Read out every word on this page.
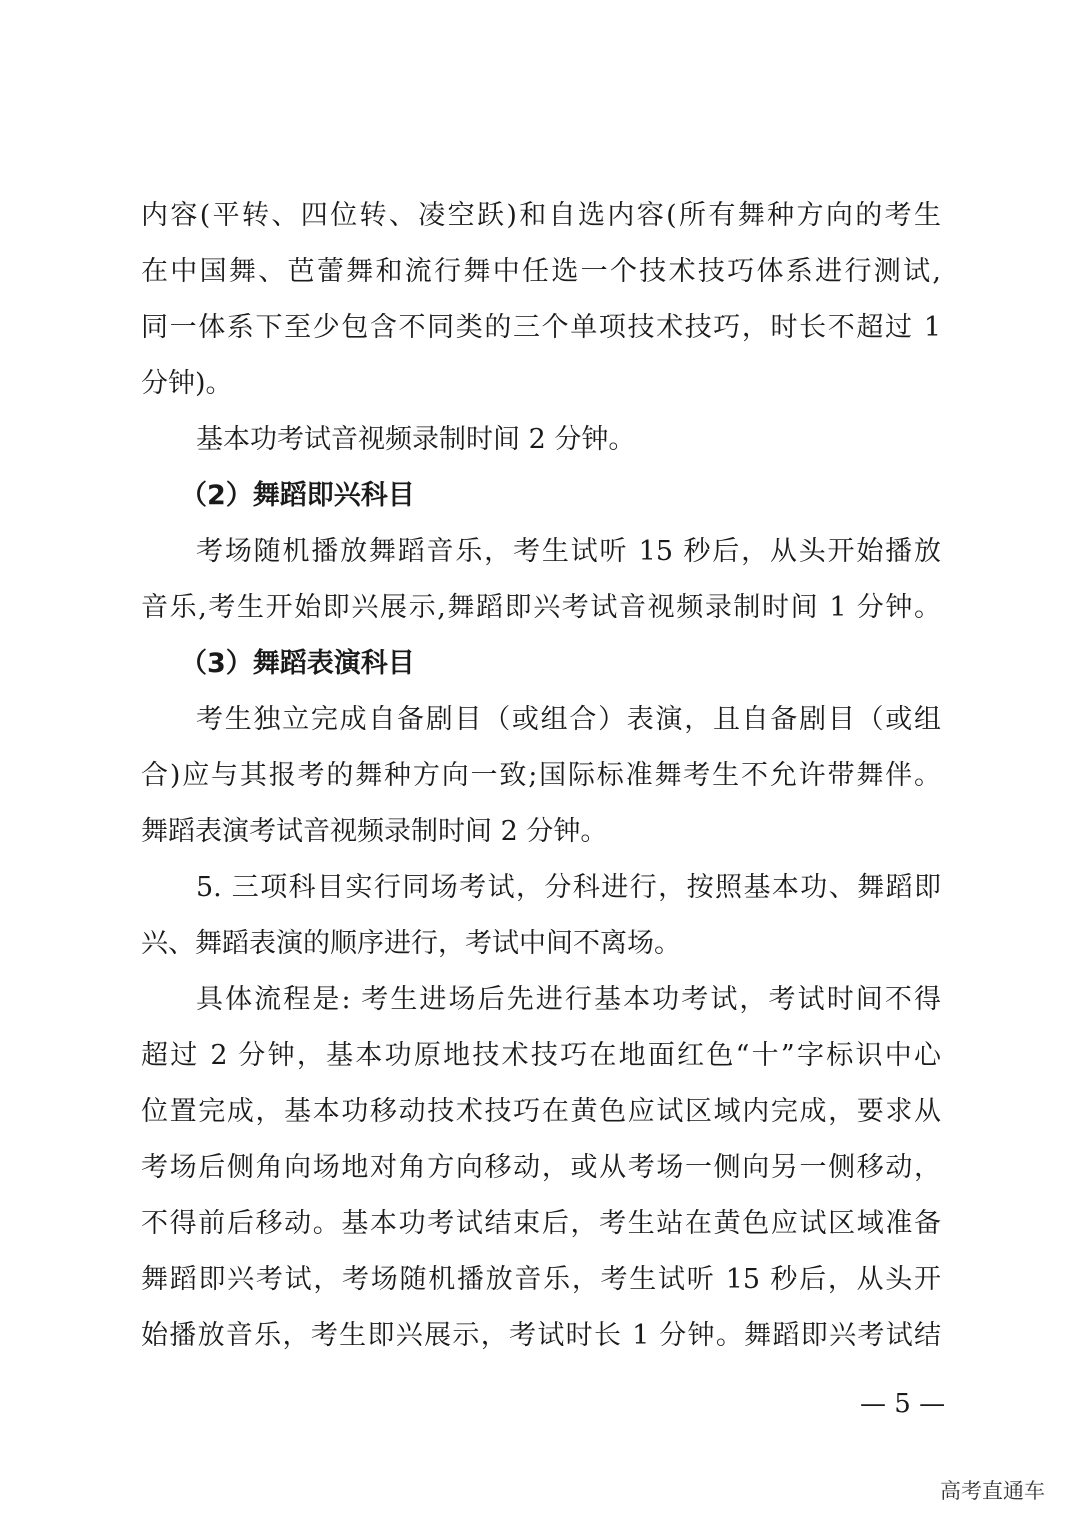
内容(平转、四位转、凌空跃)和自选内容(所有舞种方向的考生
在中国舞、芭蕾舞和流行舞中任选一个技术技巧体系进行测试,
同一体系下至少包含不同类的三个单项技术技巧，时长不超过 1
分钟)。
基本功考试音视频录制时间 2 分钟。
（2）舞蹈即兴科目
考场随机播放舞蹈音乐，考生试听 15 秒后，从头开始播放
音乐,考生开始即兴展示,舞蹈即兴考试音视频录制时间 1 分钟。
（3）舞蹈表演科目
考生独立完成自备剧目（或组合）表演，且自备剧目（或组
合)应与其报考的舞种方向一致;国际标准舞考生不允许带舞伴。
舞蹈表演考试音视频录制时间 2 分钟。
5. 三项科目实行同场考试，分科进行，按照基本功、舞蹈即
兴、舞蹈表演的顺序进行，考试中间不离场。
具体流程是: 考生进场后先进行基本功考试，考试时间不得
超过 2 分钟，基本功原地技术技巧在地面红色“十”字标识中心
位置完成，基本功移动技术技巧在黄色应试区域内完成，要求从
考场后侧角向场地对角方向移动，或从考场一侧向另一侧移动，
不得前后移动。基本功考试结束后，考生站在黄色应试区域准备
舞蹈即兴考试，考场随机播放音乐，考生试听 15 秒后，从头开
始播放音乐，考生即兴展示，考试时长 1 分钟。舞蹈即兴考试结
— 5 —
高考直通车
